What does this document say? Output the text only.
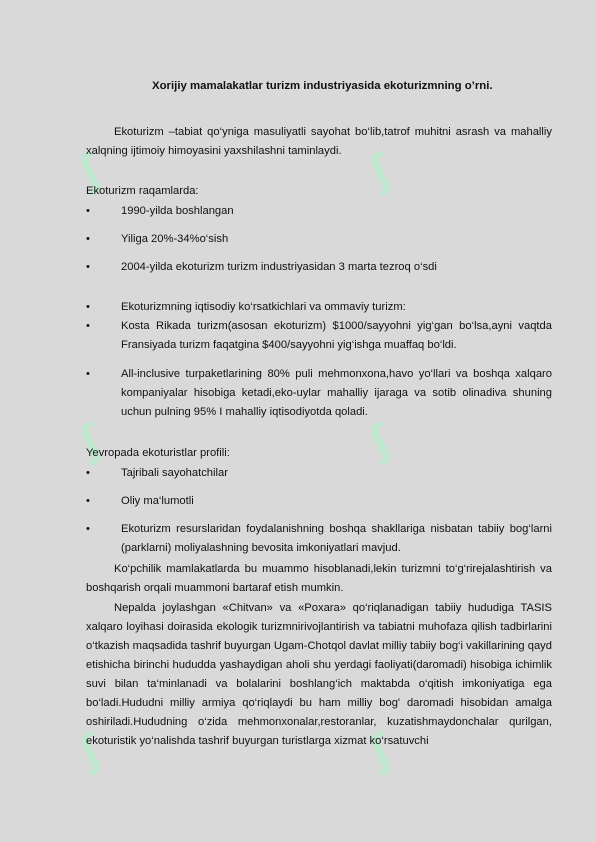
ʃ	ʃ
ʃ	ʃ
ʃ	ʃ
Xorijiy mamalakatlar turizm industriyasida ekoturizmning o’rni.
Ekoturizm –tabiat qo‘yniga masuliyatli sayohat bo‘lib,tatrof muhitni asrash va mahalliy xalqning ijtimoiy himoyasini yaxshilashni taminlaydi.
Ekoturizm raqamlarda:
•	1990-yilda boshlangan
•	Yiliga 20%-34%o‘sish
•	2004-yilda ekoturizm turizm industriyasidan 3 marta tezroq o‘sdi
•	Ekoturizmning iqtisodiy ko‘rsatkichlari va ommaviy turizm:
•	Kosta Rikada turizm(asosan ekoturizm) $1000/sayyohni yig‘gan bo‘lsa,ayni vaqtda Fransiyada turizm faqatgina $400/sayyohni yig‘ishga muaffaq bo‘ldi.
•	All-inclusive turpaketlarining 80% puli mehmonxona,havo yo‘llari va boshqa xalqaro kompaniyalar hisobiga ketadi,eko-uylar mahalliy ijaraga va sotib olinadiva shuning uchun pulning 95% I mahalliy iqtisodiyotda qoladi.
Yevropada ekoturistlar profili:
•	Tajribali sayohatchilar
•	Oliy ma‘lumotli
•	Ekoturizm resurslaridan foydalanishning boshqa shakllariga nisbatan tabiiy bog‘larni (parklarni) moliyalashning bevosita imkoniyatlari mavjud.
Ko‘pchilik mamlakatlarda bu muammo hisoblanadi,lekin turizmni to‘g‘rirejalashtirish va boshqarish orqali muammoni bartaraf etish mumkin.
Nepalda joylashgan «Chitvan» va «Poxara» qo‘riqlanadigan tabiiy hududiga TASIS xalqaro loyihasi doirasida ekologik turizmnirivojlantirish va tabiatni muhofaza qilish tadbirlarini o‘tkazish maqsadida tashrif buyurgan Ugam-Chotqol davlat milliy tabiiy bog‘i vakillarining qayd etishicha birinchi hududda yashaydigan aholi shu yerdagi faoliyati(daromadi) hisobiga ichimlik suvi bilan ta‘minlanadi va bolalarini boshlang‘ich maktabda o‘qitish imkoniyatiga ega bo‘ladi.Hududni milliy armiya qo‘riqlaydi bu ham milliy bog' daromadi hisobidan amalga oshiriladi.Hududning o‘zida mehmonxonalar,restoranlar, kuzatishmaydonchalar qurilgan, ekoturistik yo‘nalishda tashrif buyurgan turistlarga xizmat ko‘rsatuvchi
